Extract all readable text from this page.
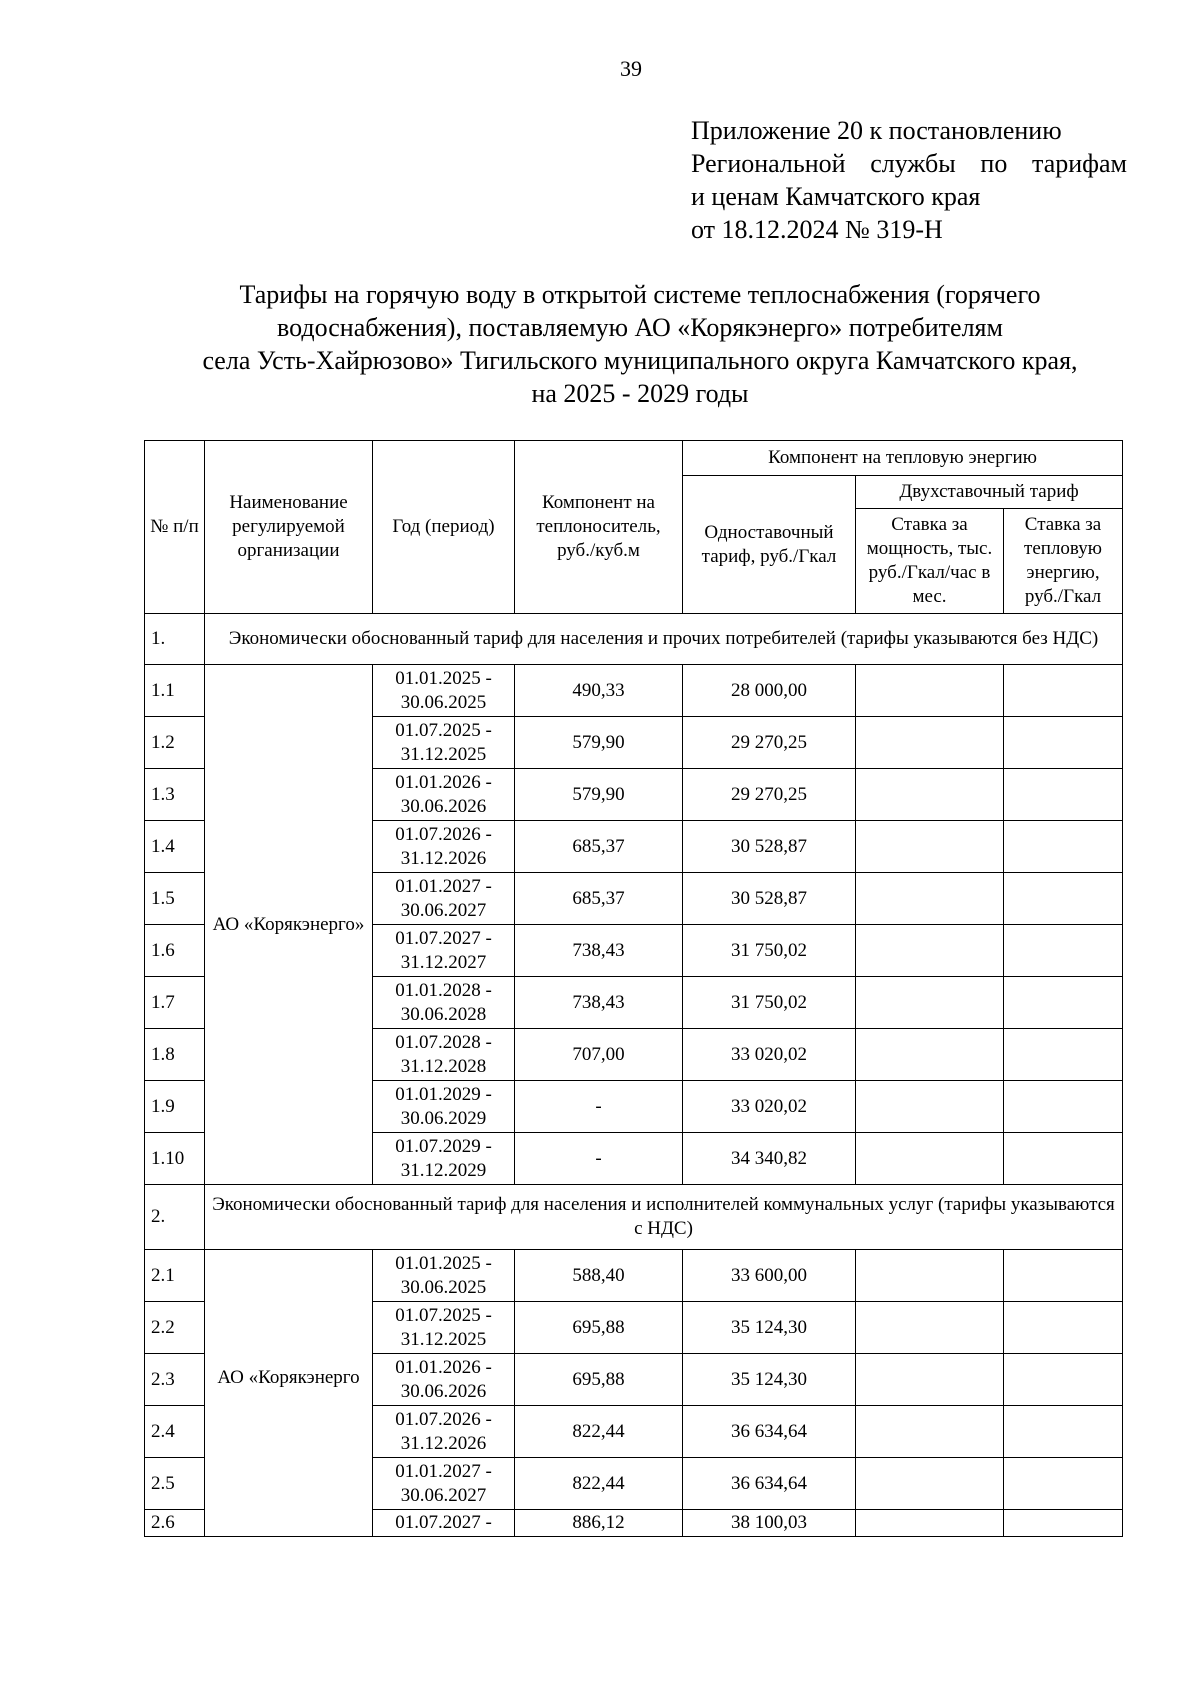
39
Приложение 20 к постановлению
Региональной службы по тарифам
и ценам Камчатского края
от 18.12.2024 № 319-Н
Тарифы на горячую воду в открытой системе теплоснабжения (горячего
водоснабжения), поставляемую АО «Корякэнерго» потребителям
села Усть-Хайрюзово» Тигильского муниципального округа Камчатского края,
на 2025 - 2029 годы
№ п/п	Наименование регулируемой организации	Год (период)	Компонент на теплоноситель, руб./куб.м	Компонент на тепловую энергию		
				Одноставочный тариф, руб./Гкал	Двухставочный тариф	
					Ставка за мощность, тыс. руб./Гкал/час в мес.	Ставка за тепловую энергию, руб./Гкал
1.	Экономически обоснованный тариф для населения и прочих потребителей (тарифы указываются без НДС)					

1.1	АО «Корякэнерго»	01.01.2025 -
30.06.2025	490,33	28 000,00		
1.2		01.07.2025 -
31.12.2025	579,90	29 270,25		
1.3		01.01.2026 -
30.06.2026	579,90	29 270,25		
1.4		01.07.2026 -
31.12.2026	685,37	30 528,87		
1.5		01.01.2027 -
30.06.2027	685,37	30 528,87		
1.6		01.07.2027 -
31.12.2027	738,43	31 750,02		
1.7		01.01.2028 -
30.06.2028	738,43	31 750,02		
1.8		01.07.2028 -
31.12.2028	707,00	33 020,02		
1.9		01.01.2029 -
30.06.2029	-	33 020,02		
1.10		01.07.2029 -
31.12.2029	-	34 340,82		
2.	Экономически обоснованный тариф для населения и исполнителей коммунальных услуг (тарифы указываются с НДС)					

2.1	АО «Корякэнерго	01.01.2025 -
30.06.2025	588,40	33 600,00		
2.2		01.07.2025 -
31.12.2025	695,88	35 124,30		
2.3		01.01.2026 -
30.06.2026	695,88	35 124,30		
2.4		01.07.2026 -
31.12.2026	822,44	36 634,64		
2.5		01.01.2027 -
30.06.2027	822,44	36 634,64		
2.6		01.07.2027 -	886,12	38 100,03		
